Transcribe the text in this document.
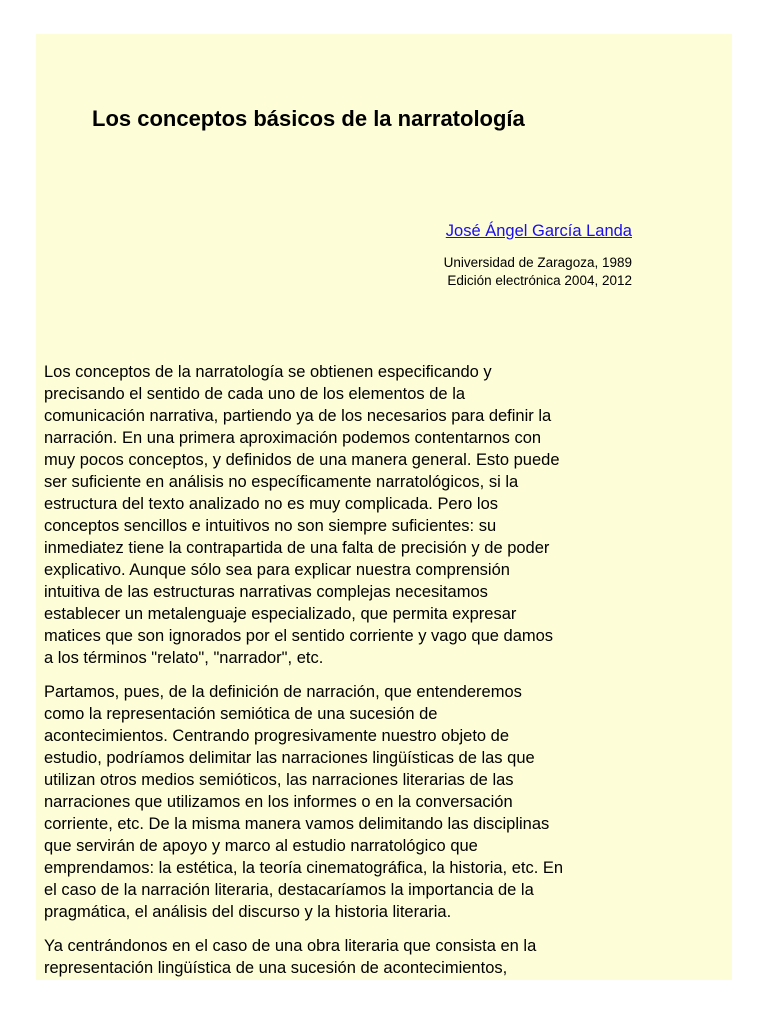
Los conceptos básicos de la narratología
José Ángel García Landa
Universidad de Zaragoza, 1989
Edición electrónica 2004, 2012

Los conceptos de la narratología se obtienen especificando y
precisando el sentido de cada uno de los elementos de la
comunicación narrativa, partiendo ya de los necesarios para definir la
narración. En una primera aproximación podemos contentarnos con
muy pocos conceptos, y definidos de una manera general. Esto puede
ser suficiente en análisis no específicamente narratológicos, si la
estructura del texto analizado no es muy complicada. Pero los
conceptos sencillos e intuitivos no son siempre suficientes: su
inmediatez tiene la contrapartida de una falta de precisión y de poder
explicativo. Aunque sólo sea para explicar nuestra comprensión
intuitiva de las estructuras narrativas complejas necesitamos
establecer un metalenguaje especializado, que permita expresar
matices que son ignorados por el sentido corriente y vago que damos
a los términos "relato", "narrador", etc.

Partamos, pues, de la definición de narración, que entenderemos
como la representación semiótica de una sucesión de
acontecimientos. Centrando progresivamente nuestro objeto de
estudio, podríamos delimitar las narraciones lingüísticas de las que
utilizan otros medios semióticos, las narraciones literarias de las
narraciones que utilizamos en los informes o en la conversación
corriente, etc. De la misma manera vamos delimitando las disciplinas
que servirán de apoyo y marco al estudio narratológico que
emprendamos: la estética, la teoría cinematográfica, la historia, etc. En
el caso de la narración literaria, destacaríamos la importancia de la
pragmática, el análisis del discurso y la historia literaria.

Ya centrándonos en el caso de una obra literaria que consista en la
representación lingüística de una sucesión de acontecimientos,
